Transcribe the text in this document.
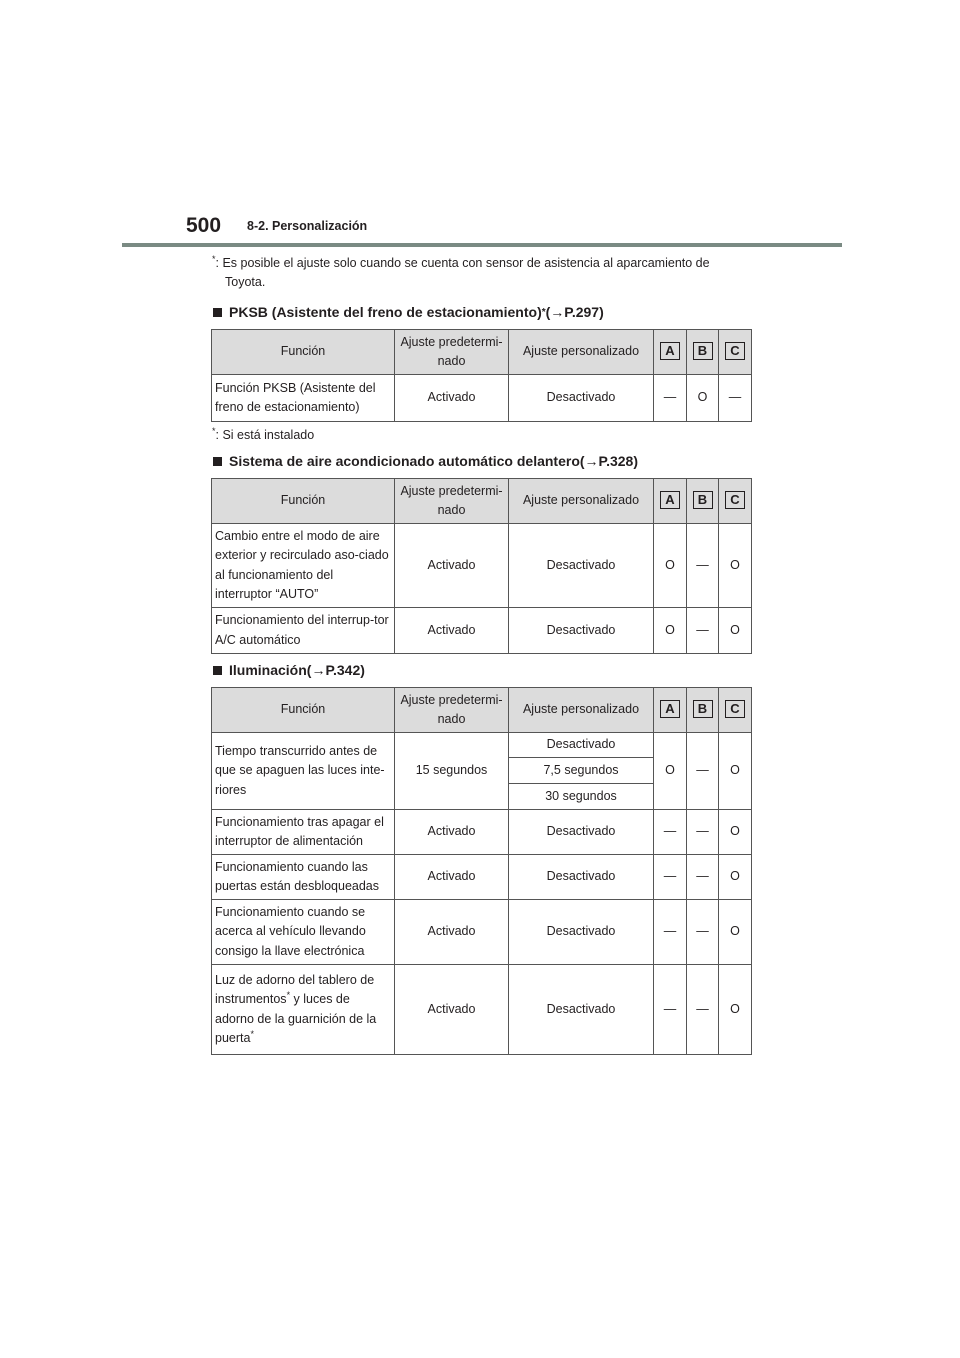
500 8-2. Personalización
*: Es posible el ajuste solo cuando se cuenta con sensor de asistencia al aparcamiento de
Toyota.
PKSB (Asistente del freno de estacionamiento) * (→P.297)
Función	Ajuste predetermi-
nado	Ajuste personalizado	A	B	C
Función PKSB (Asistente del freno de estacionamiento)	Activado	Desactivado	—	O	—
*: Si está instalado
Sistema de aire acondicionado automático delantero (→P.328)
Función	Ajuste predetermi-
nado	Ajuste personalizado	A	B	C
Cambio entre el modo de aire exterior y recirculado aso-ciado al funcionamiento del interruptor “AUTO”	Activado	Desactivado	O	—	O
Funcionamiento del interrup-tor A/C automático	Activado	Desactivado	O	—	O
Iluminación (→P.342)
Función	Ajuste predetermi-
nado	Ajuste personalizado	A	B	C
Tiempo transcurrido antes de que se apaguen las luces inte-riores	15 segundos	Desactivado	O	—	O
		7,5 segundos			
		30 segundos			
Funcionamiento tras apagar el interruptor de alimentación	Activado	Desactivado	—	—	O
Funcionamiento cuando las puertas están desbloqueadas	Activado	Desactivado	—	—	O
Funcionamiento cuando se acerca al vehículo llevando consigo la llave electrónica	Activado	Desactivado	—	—	O
Luz de adorno del tablero de instrumentos* y luces de adorno de la guarnición de la puerta*	Activado	Desactivado	—	—	O
